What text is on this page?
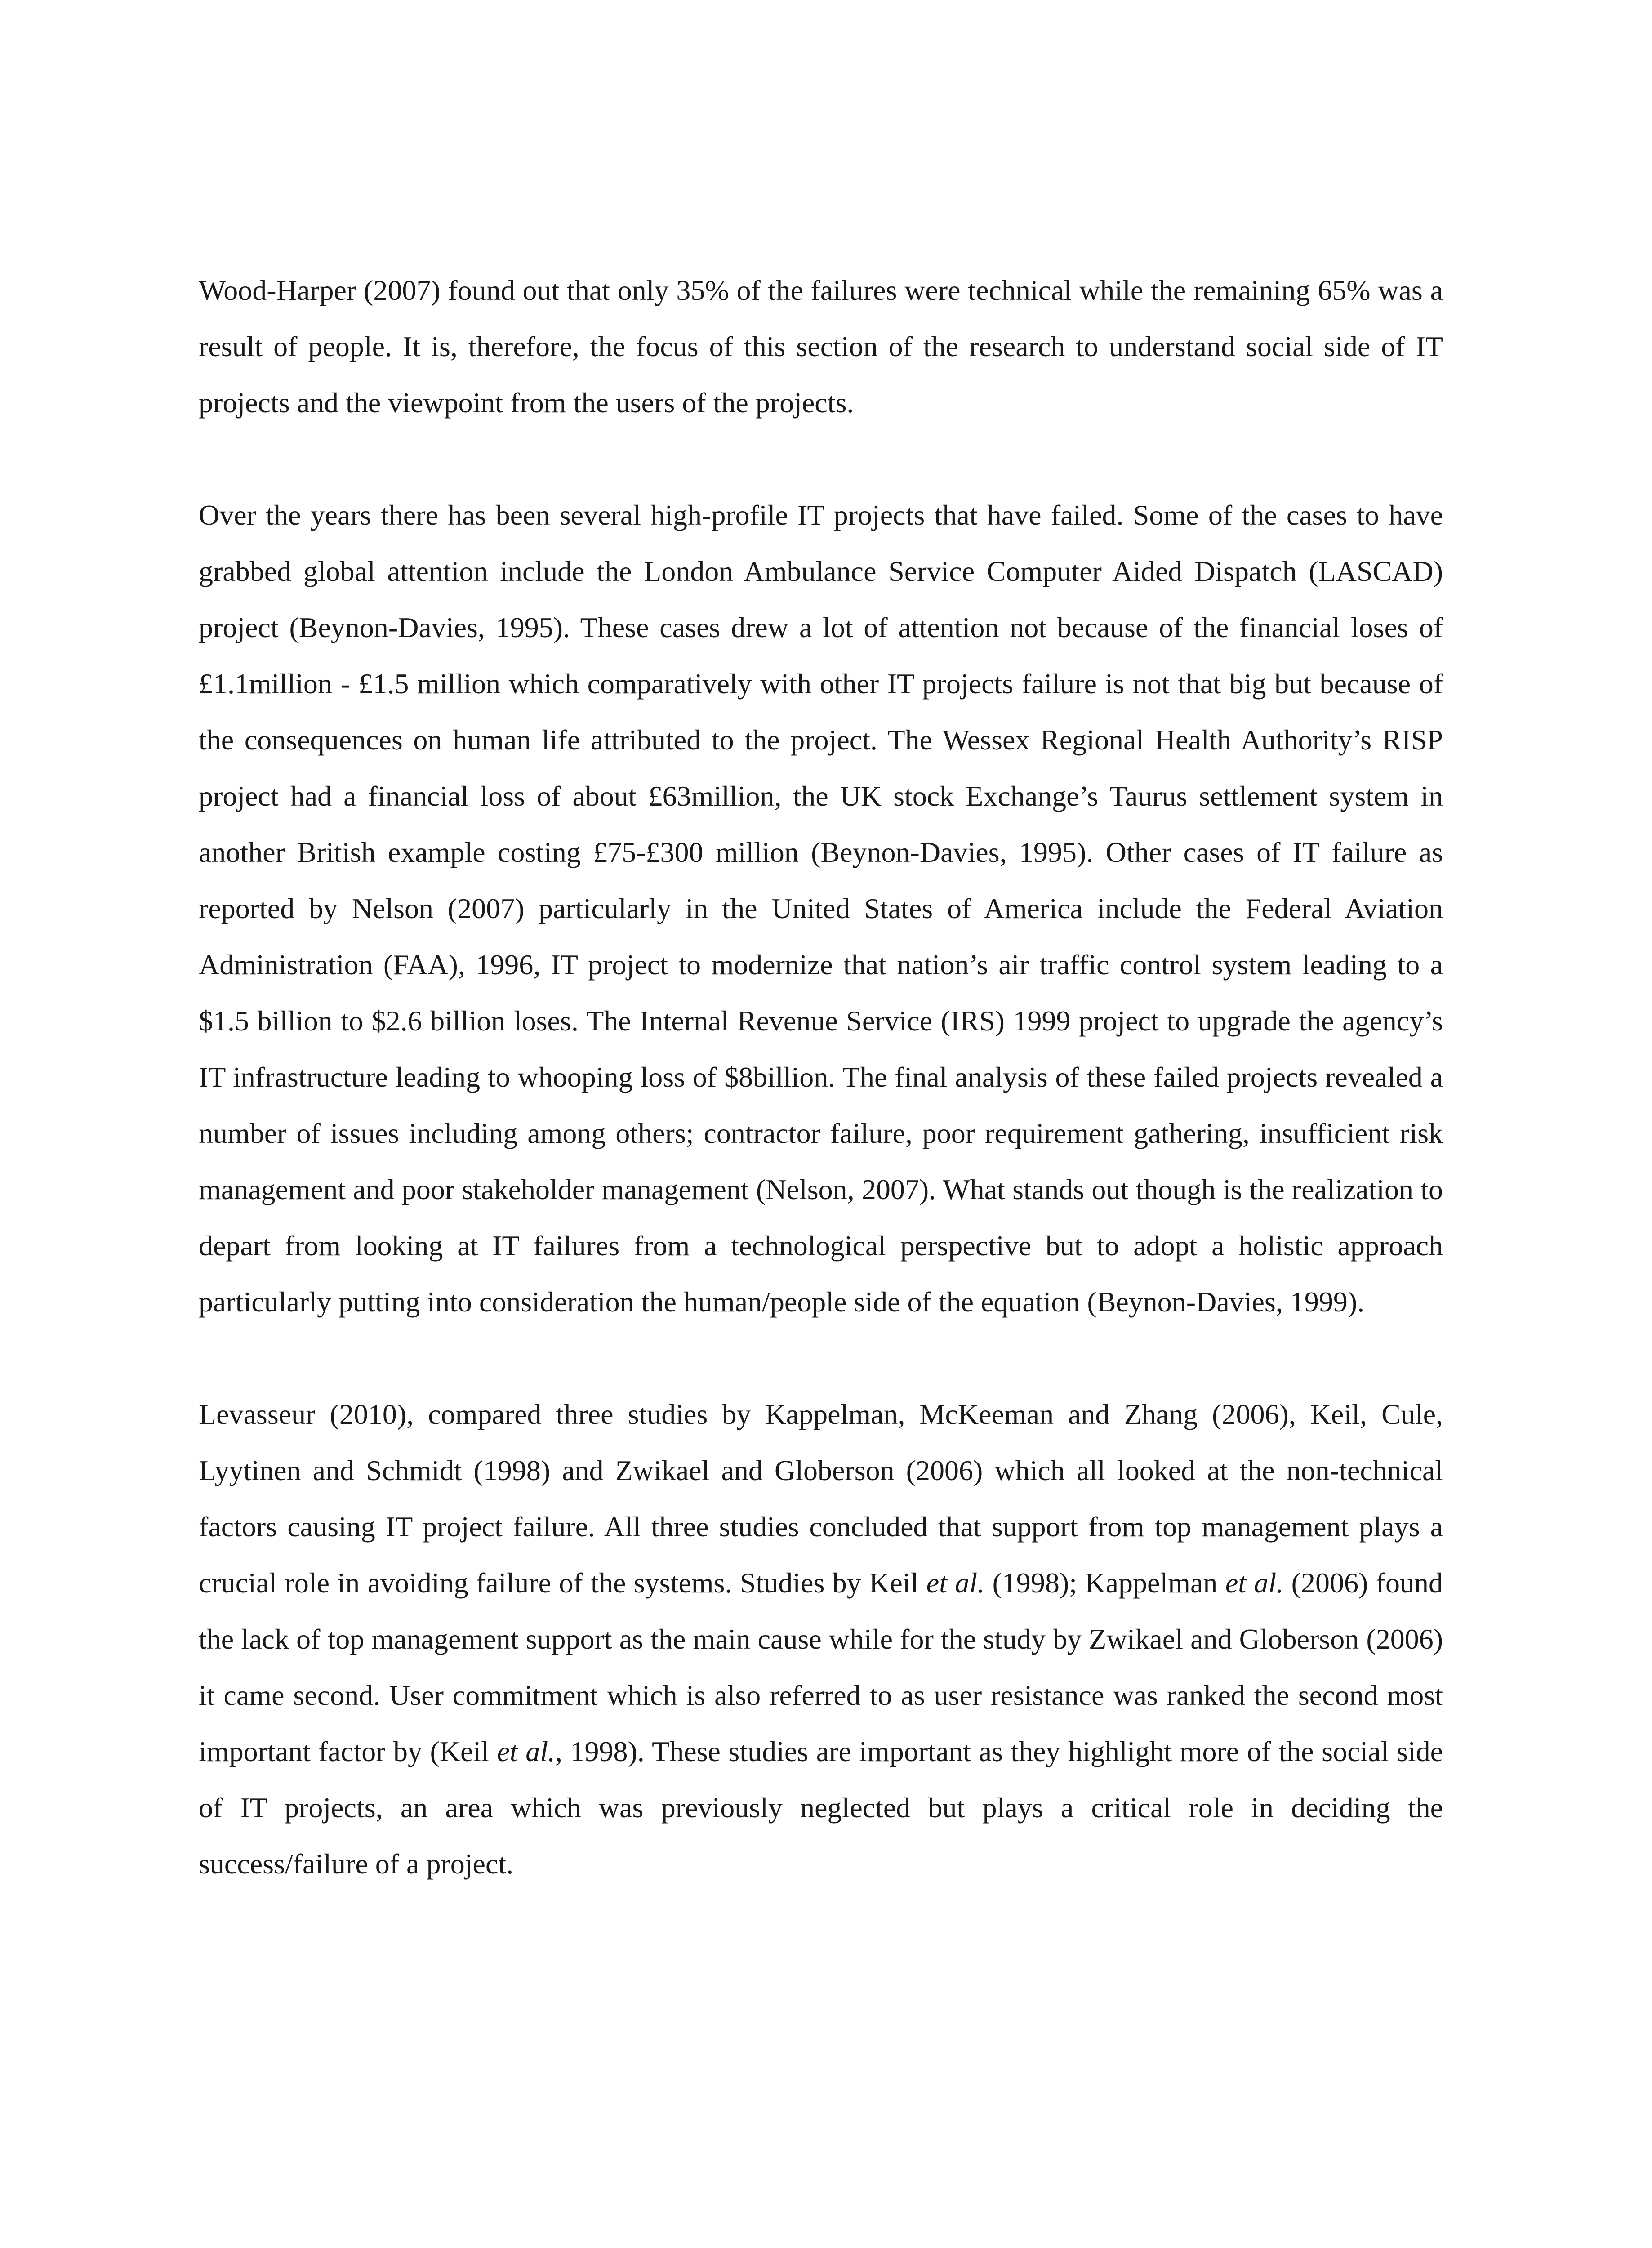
Wood-Harper (2007) found out that only 35% of the failures were technical while the remaining 65% was a result of people. It is, therefore, the focus of this section of the research to understand social side of IT projects and the viewpoint from the users of the projects.

Over the years there has been several high-profile IT projects that have failed. Some of the cases to have grabbed global attention include the London Ambulance Service Computer Aided Dispatch (LASCAD) project (Beynon-Davies, 1995). These cases drew a lot of attention not because of the financial loses of £1.1million - £1.5 million which comparatively with other IT projects failure is not that big but because of the consequences on human life attributed to the project. The Wessex Regional Health Authority’s RISP project had a financial loss of about £63million, the UK stock Exchange’s Taurus settlement system in another British example costing £75-£300 million (Beynon-Davies, 1995). Other cases of IT failure as reported by Nelson (2007) particularly in the United States of America include the Federal Aviation Administration (FAA), 1996, IT project to modernize that nation’s air traffic control system leading to a $1.5 billion to $2.6 billion loses. The Internal Revenue Service (IRS) 1999 project to upgrade the agency’s IT infrastructure leading to whooping loss of $8billion. The final analysis of these failed projects revealed a number of issues including among others; contractor failure, poor requirement gathering, insufficient risk management and poor stakeholder management (Nelson, 2007). What stands out though is the realization to depart from looking at IT failures from a technological perspective but to adopt a holistic approach particularly putting into consideration the human/people side of the equation (Beynon-Davies, 1999).

Levasseur (2010), compared three studies by Kappelman, McKeeman and Zhang (2006), Keil, Cule, Lyytinen and Schmidt (1998) and Zwikael and Globerson (2006) which all looked at the non-technical factors causing IT project failure. All three studies concluded that support from top management plays a crucial role in avoiding failure of the systems. Studies by Keil et al. (1998); Kappelman et al. (2006) found the lack of top management support as the main cause while for the study by Zwikael and Globerson (2006) it came second. User commitment which is also referred to as user resistance was ranked the second most important factor by (Keil et al., 1998). These studies are important as they highlight more of the social side of IT projects, an area which was previously neglected but plays a critical role in deciding the success/failure of a project.
